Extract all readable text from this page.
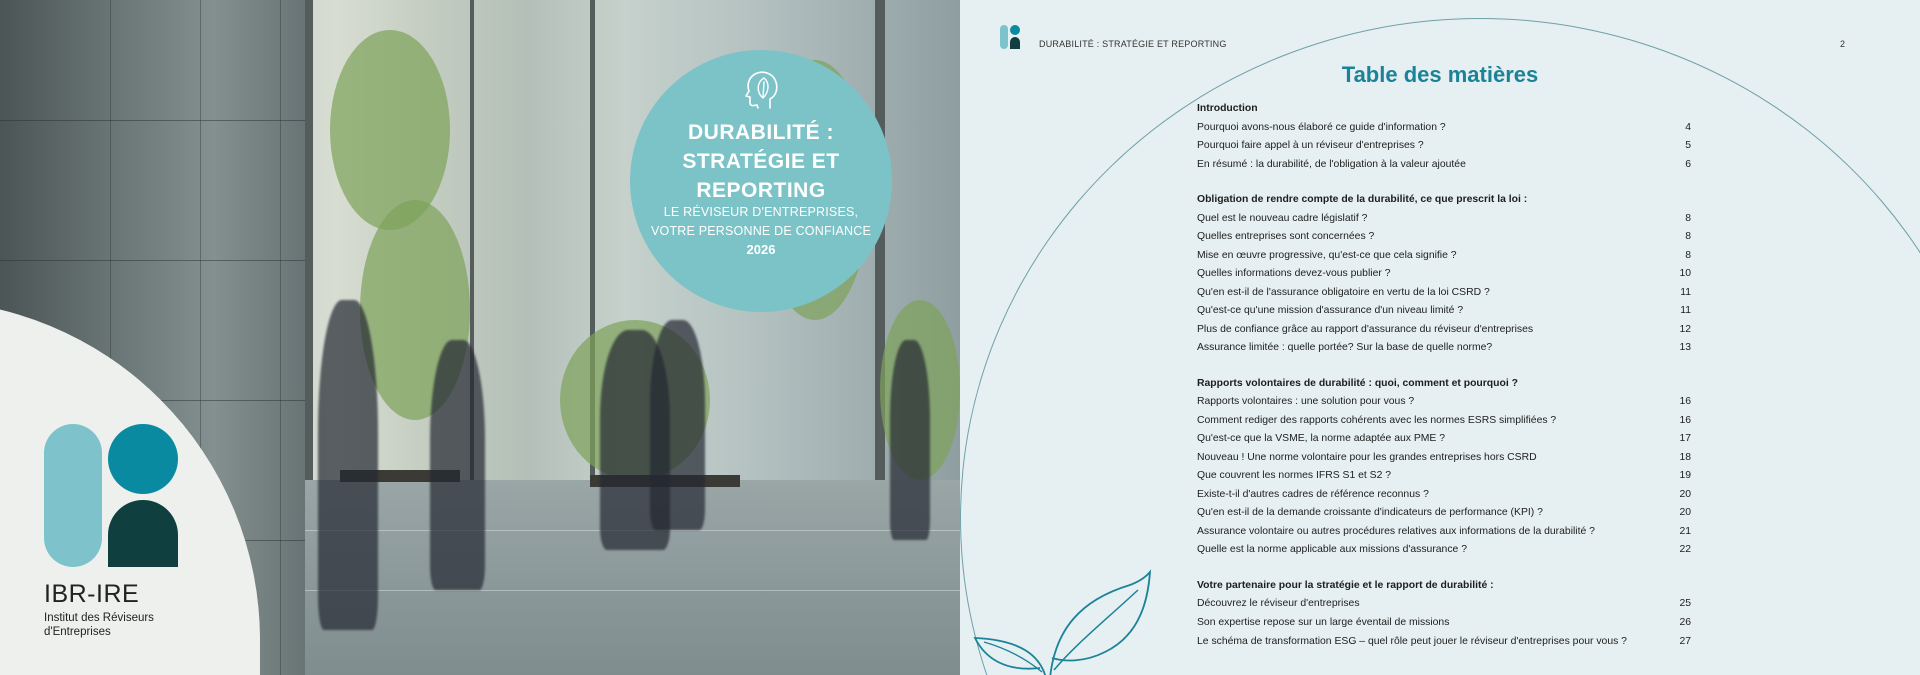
IBR-IRE
Institut des Réviseurs d'Entreprises
DURABILITÉ :
STRATÉGIE ET
REPORTING
LE RÉVISEUR D'ENTREPRISES,
VOTRE PERSONNE DE CONFIANCE
2026
DURABILITÉ : STRATÉGIE ET REPORTING	2
Table des matières
Introduction
Pourquoi avons-nous élaboré ce guide d'information ?	4
Pourquoi faire appel à un réviseur d'entreprises ?	5
En résumé : la durabilité, de l'obligation à la valeur ajoutée	6
Obligation de rendre compte de la durabilité, ce que prescrit la loi :
Quel est le nouveau cadre législatif ?	8
Quelles entreprises sont concernées ?	8
Mise en œuvre progressive, qu'est-ce que cela signifie ?	8
Quelles informations devez-vous publier ?	10
Qu'en est-il de l'assurance obligatoire en vertu de la loi CSRD ?	11
Qu'est-ce qu'une mission d'assurance d'un niveau limité ?	11
Plus de confiance grâce au rapport d'assurance du réviseur d'entreprises	12
Assurance limitée : quelle portée? Sur la base de quelle norme?	13
Rapports volontaires de durabilité : quoi, comment et pourquoi ?
Rapports volontaires : une solution pour vous ?	16
Comment rediger des rapports cohérents avec les normes ESRS simplifiées ?	16
Qu'est-ce que la VSME, la norme adaptée aux PME ?	17
Nouveau ! Une norme volontaire pour les grandes entreprises hors CSRD	18
Que couvrent les normes IFRS S1 et S2 ?	19
Existe-t-il d'autres cadres de référence reconnus ?	20
Qu'en est-il de la demande croissante d'indicateurs de performance (KPI) ?	20
Assurance volontaire ou autres procédures relatives aux informations de la durabilité ?	21
Quelle est la norme applicable aux missions d'assurance ?	22
Votre partenaire pour la stratégie et le rapport de durabilité :
Découvrez le réviseur d'entreprises	25
Son expertise repose sur un large éventail de missions	26
Le schéma de transformation ESG – quel rôle peut jouer le réviseur d'entreprises pour vous ?	27
